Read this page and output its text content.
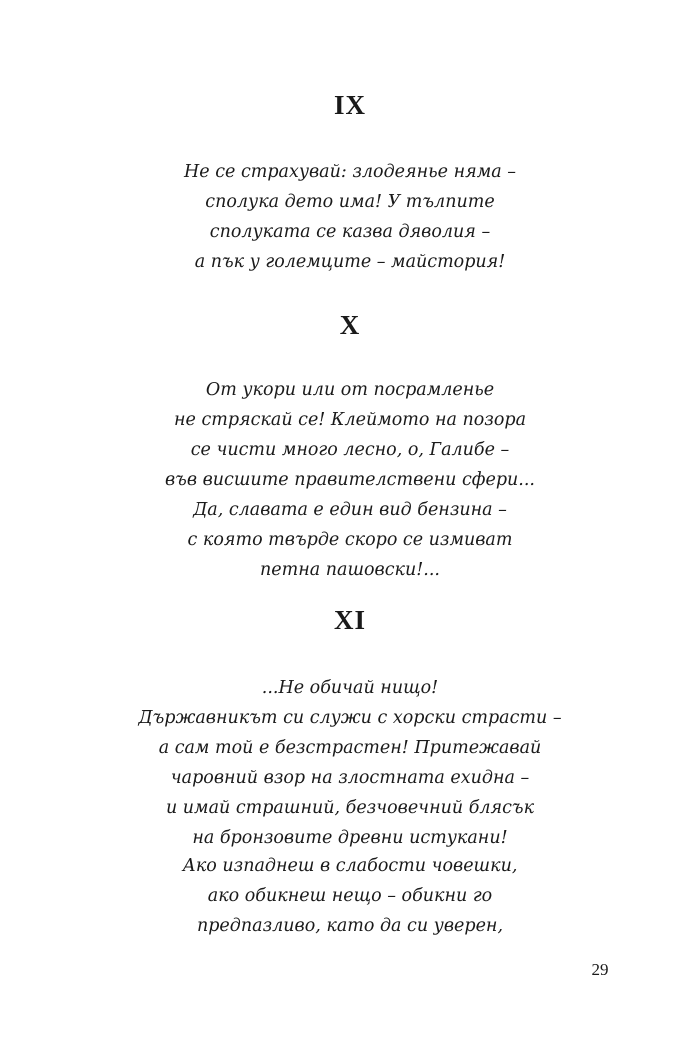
IX
Не се страхувай: злодеянье няма –
сполука дето има! У тълпите
сполуката се казва дяволия –
а пък у големците – майстория!
X
От укори или от посрамленье
не стряскай се! Клеймото на позора
се чисти много лесно, о, Галибе –
във висшите правителствени сфери...
Да, славата е един вид бензина –
с която твърде скоро се измиват
петна пашовски!...
XI
...Не обичай нищо!
Държавникът си служи с хорски страсти –
а сам той е безстрастен! Притежавай
чаровний взор на злостната ехидна –
и имай страшний, безчовечний блясък
на бронзовите древни истукани!
Ако изпаднеш в слабости човешки,
ако обикнеш нещо – обикни го
предпазливо, като да си уверен,
29
